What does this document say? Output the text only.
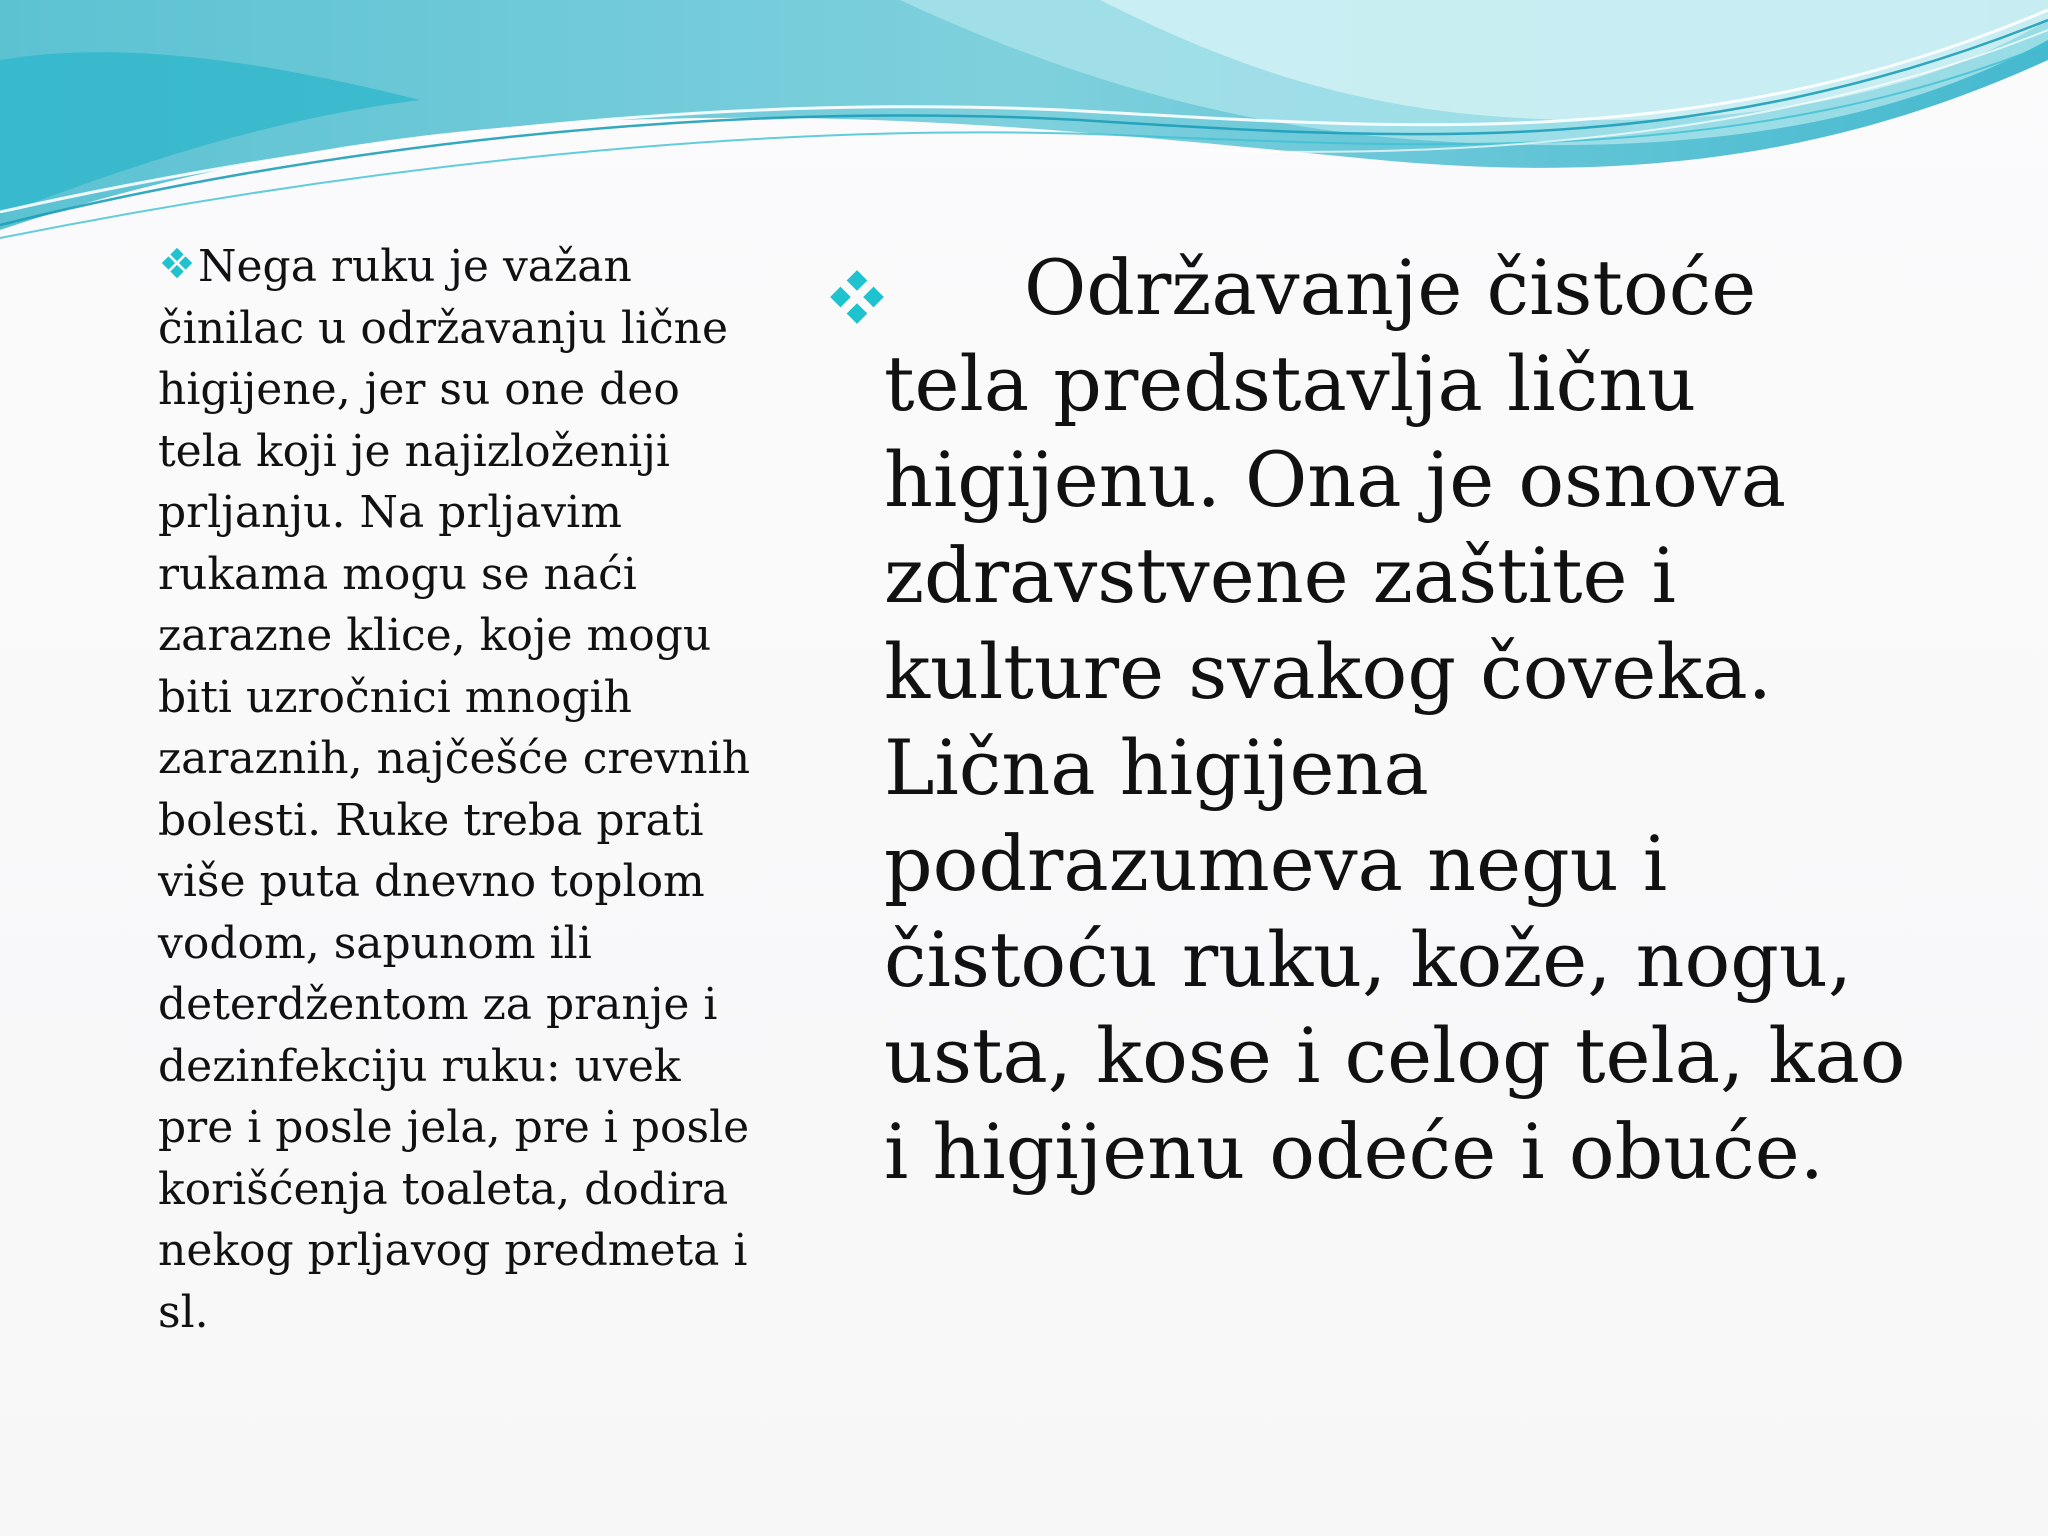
Nega ruku je važan činilac u održavanju lične higijene, jer su one deo tela koji je najizloženiji prljanju. Na prljavim rukama mogu se naći zarazne klice, koje mogu biti uzročnici mnogih zaraznih, najčešće crevnih bolesti. Ruke treba prati više puta dnevno toplom vodom, sapunom ili deterdžentom za pranje i dezinfekciju ruku: uvek pre i posle jela, pre i posle korišćenja toaleta, dodira nekog prljavog predmeta i sl.

Održavanje čistoće tela predstavlja ličnu higijenu. Ona je osnova zdravstvene zaštite i kulture svakog čoveka. Lična higijena podrazumeva negu i čistoću ruku, kože, nogu, usta, kose i celog tela, kao i higijenu odeće i obuće.
